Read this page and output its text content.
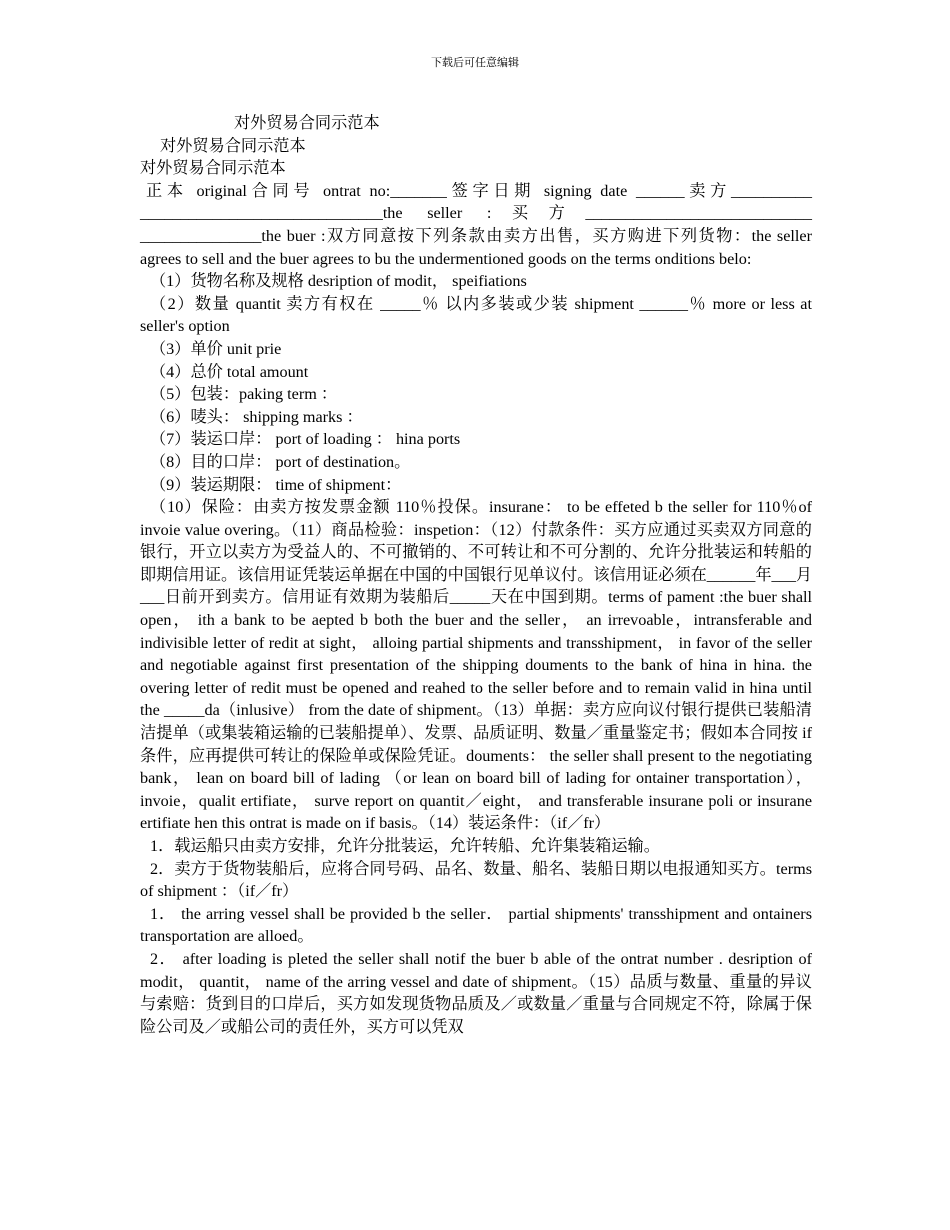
下载后可任意编辑

对外贸易合同示范本

对外贸易合同示范本

对外贸易合同示范本

正本 original合同号 ontrat no:_______签字日期 signing date ______卖方__________ ______________________________the seller :买方____________________________ _______________the buer :双方同意按下列条款由卖方出售，买方购进下列货物：the seller agrees to sell and the buer agrees to bu the undermentioned goods on the terms onditions belo:

（1）货物名称及规格 desription of modit， speifiations

（2）数量 quantit 卖方有权在 _____％ 以内多装或少装 shipment ______％ more or less at seller's option

（3）单价 unit prie

（4）总价 total amount

（5）包装：paking term ：

（6）唛头： shipping marks ：

（7）装运口岸： port of loading ： hina ports

（8）目的口岸： port of destination。

（9）装运期限： time of shipment：

（10）保险：由卖方按发票金额 110％投保。insurane： to be effeted b the seller for 110％of invoie value overing。（11）商品检验：inspetion：（12）付款条件：买方应通过买卖双方同意的银行，开立以卖方为受益人的、不可撤销的、不可转让和不可分割的、允许分批装运和转船的即期信用证。该信用证凭装运单据在中国的中国银行见单议付。该信用证必须在______年___月___日前开到卖方。信用证有效期为装船后_____天在中国到期。terms of pament :the buer shall open， ith a bank to be aepted b both the buer and the seller， an irrevoable，intransferable and indivisible letter of redit at sight， alloing partial shipments and transshipment， in favor of the seller and negotiable against first presentation of the shipping douments to the bank of hina in hina. the overing letter of redit must be opened and reahed to the seller before and to remain valid in hina until the _____da（inlusive） from the date of shipment。（13）单据：卖方应向议付银行提供已装船清洁提单（或集装箱运输的已装船提单）、发票、品质证明、数量／重量鉴定书；假如本合同按 if 条件，应再提供可转让的保险单或保险凭证。douments： the seller shall present to the negotiating bank， lean on board bill of lading （or lean on board bill of lading for ontainer transportation）， invoie，qualit ertifiate， surve report on quantit／eight， and transferable insurane poli or insurane ertifiate hen this ontrat is made on if basis。（14）装运条件：（if／fr）

1．载运船只由卖方安排，允许分批装运，允许转船、允许集装箱运输。

2．卖方于货物装船后，应将合同号码、品名、数量、船名、装船日期以电报通知买方。terms of shipment ：（if／fr）

1． the arring vessel shall be provided b the seller． partial shipments' transshipment and ontainers transportation are alloed。

2． after loading is pleted the seller shall notif the buer b able of the ontrat number . desription of modit， quantit， name of the arring vessel and date of shipment。（15）品质与数量、重量的异议与索赔：货到目的口岸后，买方如发现货物品质及／或数量／重量与合同规定不符，除属于保险公司及／或船公司的责任外，买方可以凭双
